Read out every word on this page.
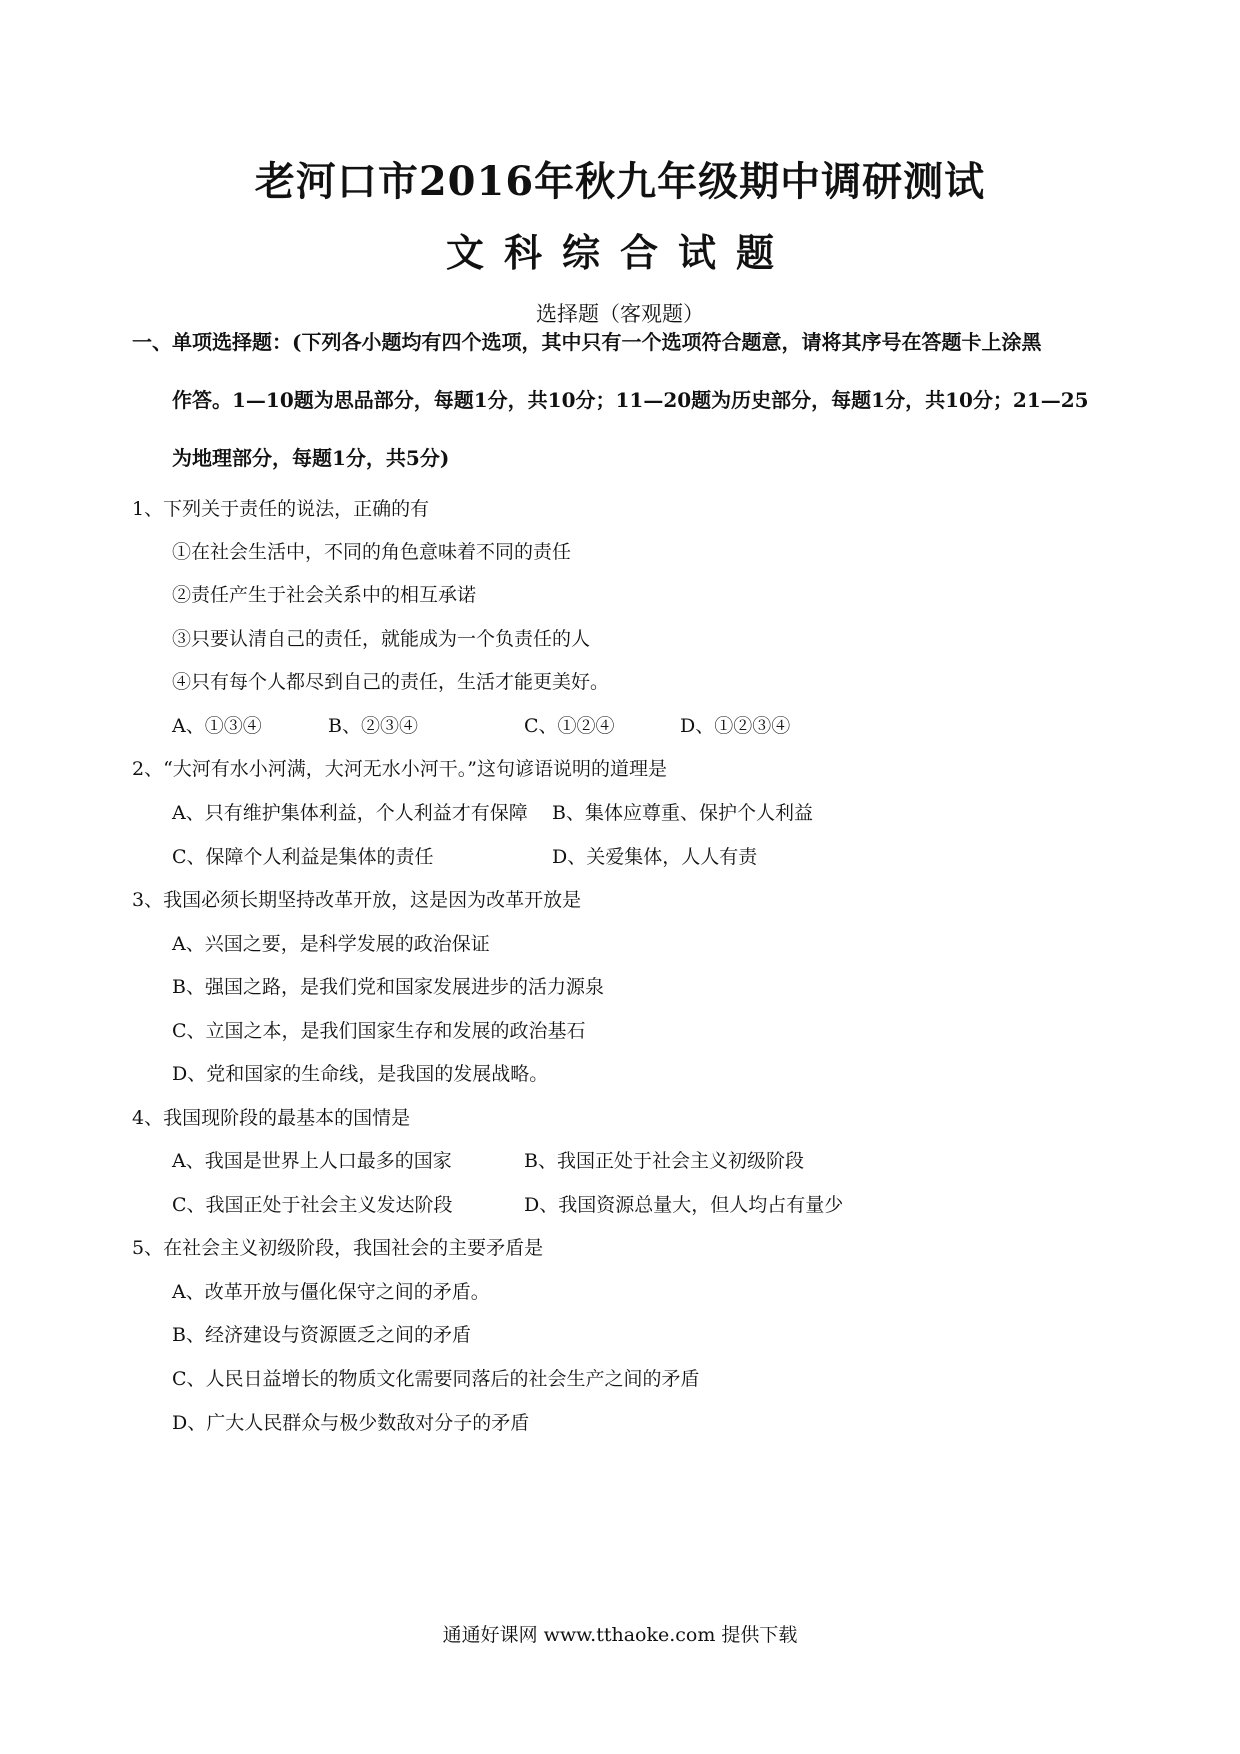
老河口市2016年秋九年级期中调研测试
文科综合试题
选择题（客观题）
一、单项选择题：(下列各小题均有四个选项，其中只有一个选项符合题意，请将其序号在答题卡上涂黑
作答。1—10题为思品部分，每题1分，共10分；11—20题为历史部分，每题1分，共10分；21—25
为地理部分，每题1分，共5分)
1、下列关于责任的说法，正确的有
①在社会生活中，不同的角色意味着不同的责任
②责任产生于社会关系中的相互承诺
③只要认清自己的责任，就能成为一个负责任的人
④只有每个人都尽到自己的责任，生活才能更美好。
A、①③④	B、②③④	C、①②④	D、①②③④
2、“大河有水小河满，大河无水小河干。”这句谚语说明的道理是
A、只有维护集体利益，个人利益才有保障 B、集体应尊重、保护个人利益
C、保障个人利益是集体的责任	D、关爱集体，人人有责
3、我国必须长期坚持改革开放，这是因为改革开放是
A、兴国之要，是科学发展的政治保证
B、强国之路，是我们党和国家发展进步的活力源泉
C、立国之本，是我们国家生存和发展的政治基石
D、党和国家的生命线，是我国的发展战略。
4、我国现阶段的最基本的国情是
A、我国是世界上人口最多的国家	B、我国正处于社会主义初级阶段
C、我国正处于社会主义发达阶段	D、我国资源总量大，但人均占有量少
5、在社会主义初级阶段，我国社会的主要矛盾是
A、改革开放与僵化保守之间的矛盾。
B、经济建设与资源匮乏之间的矛盾
C、人民日益增长的物质文化需要同落后的社会生产之间的矛盾
D、广大人民群众与极少数敌对分子的矛盾
通通好课网 www.tthaoke.com 提供下载
